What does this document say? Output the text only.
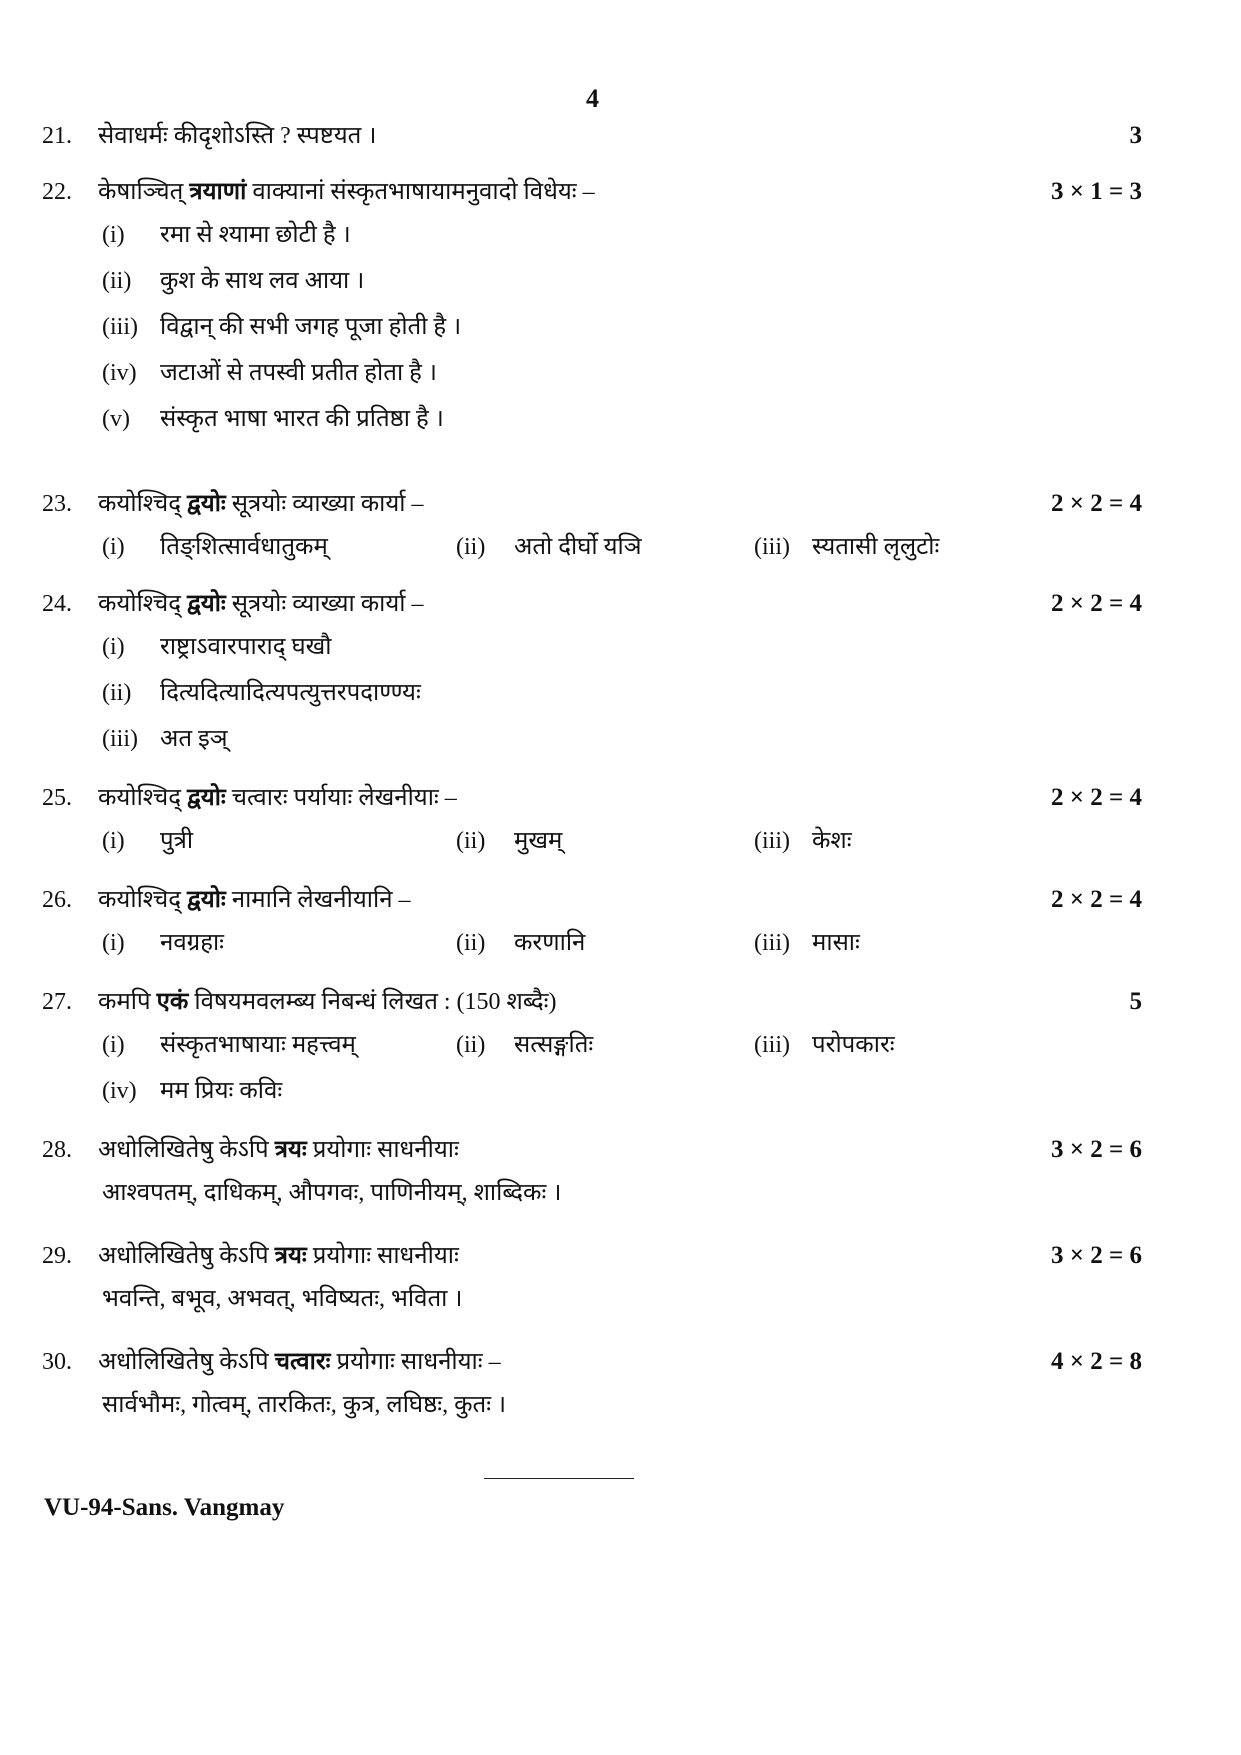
4
21. सेवाधर्मः कीदृशोऽस्ति ? स्पष्टयत ।	3
22. केषाञ्चित् त्रयाणां वाक्यानां संस्कृतभाषायामनुवादो विधेयः –	3 × 1 = 3
(i) रमा से श्यामा छोटी है ।
(ii) कुश के साथ लव आया ।
(iii) विद्वान् की सभी जगह पूजा होती है ।
(iv) जटाओं से तपस्वी प्रतीत होता है ।
(v) संस्कृत भाषा भारत की प्रतिष्ठा है ।
23. कयोश्चिद् द्वयोः सूत्रयोः व्याख्या कार्या –	2 × 2 = 4
(i) तिङ्शित्सार्वधातुकम्	(ii) अतो दीर्घो यञि	(iii) स्यतासी लृलुटोः
24. कयोश्चिद् द्वयोः सूत्रयोः व्याख्या कार्या –	2 × 2 = 4
(i) राष्ट्राऽवारपाराद् घखौ
(ii) दित्यदित्यादित्यपत्युत्तरपदाण्ण्यः
(iii) अत इञ्
25. कयोश्चिद् द्वयोः चत्वारः पर्यायाः लेखनीयाः –	2 × 2 = 4
(i) पुत्री	(ii) मुखम्	(iii) केशः
26. कयोश्चिद् द्वयोः नामानि लेखनीयानि –	2 × 2 = 4
(i) नवग्रहाः	(ii) करणानि	(iii) मासाः
27. कमपि एकं विषयमवलम्ब्य निबन्धं लिखत : (150 शब्दैः)	5
(i) संस्कृतभाषायाः महत्त्वम्	(ii) सत्सङ्गतिः	(iii) परोपकारः
(iv) मम प्रियः कविः
28. अधोलिखितेषु केऽपि त्रयः प्रयोगाः साधनीयाः	3 × 2 = 6
आश्वपतम्, दाधिकम्, औपगवः, पाणिनीयम्, शाब्दिकः ।
29. अधोलिखितेषु केऽपि त्रयः प्रयोगाः साधनीयाः	3 × 2 = 6
भवन्ति, बभूव, अभवत्, भविष्यतः, भविता ।
30. अधोलिखितेषु केऽपि चत्वारः प्रयोगाः साधनीयाः –	4 × 2 = 8
सार्वभौमः, गोत्वम्, तारकितः, कुत्र, लघिष्ठः, कुतः ।
VU-94-Sans. Vangmay
